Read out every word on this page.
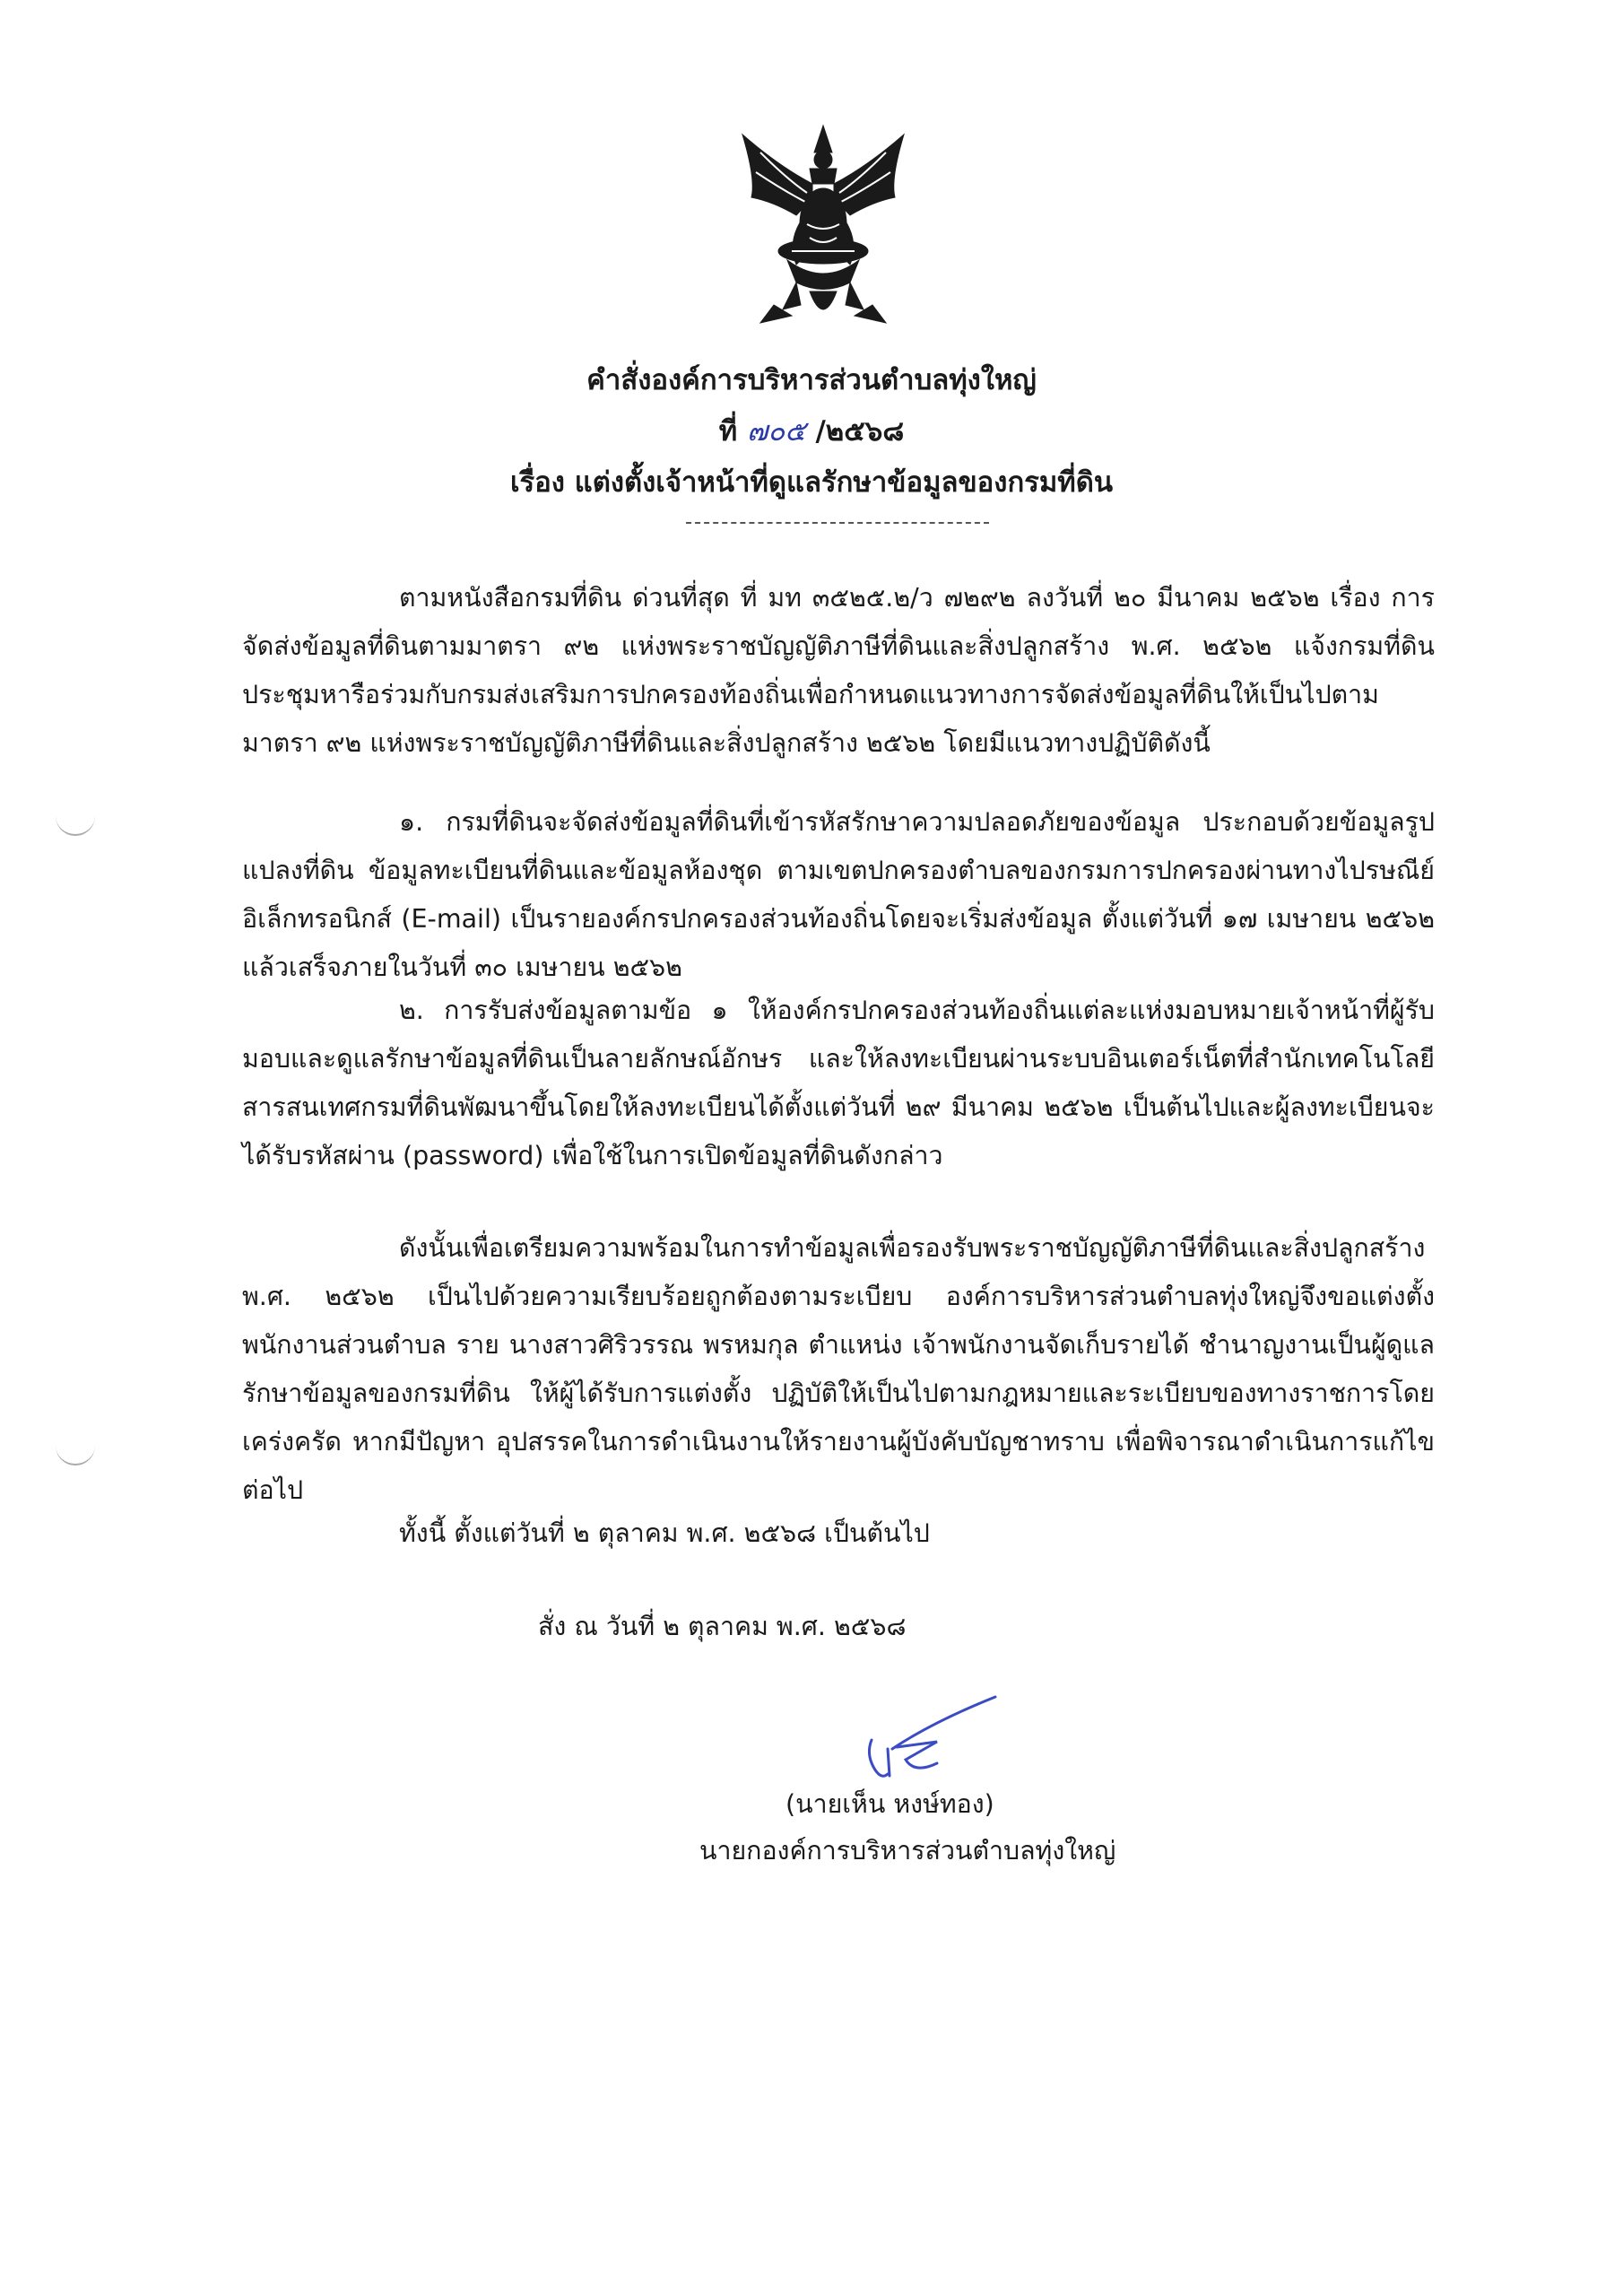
คำสั่งองค์การบริหารส่วนตำบลทุ่งใหญ่
ที่ ๗๐๕ /๒๕๖๘
เรื่อง แต่งตั้งเจ้าหน้าที่ดูแลรักษาข้อมูลของกรมที่ดิน
ตามหนังสือกรมที่ดิน ด่วนที่สุด ที่ มท ๓๕๒๕.๒/ว ๗๒๙๒ ลงวันที่ ๒๐ มีนาคม ๒๕๖๒ เรื่อง การจัดส่งข้อมูลที่ดินตามมาตรา ๙๒ แห่งพระราชบัญญัติภาษีที่ดินและสิ่งปลูกสร้าง พ.ศ. ๒๕๖๒ แจ้งกรมที่ดินประชุมหารือร่วมกับกรมส่งเสริมการปกครองท้องถิ่นเพื่อกำหนดแนวทางการจัดส่งข้อมูลที่ดินให้เป็นไปตามมาตรา ๙๒ แห่งพระราชบัญญัติภาษีที่ดินและสิ่งปลูกสร้าง ๒๕๖๒ โดยมีแนวทางปฏิบัติดังนี้
๑. กรมที่ดินจะจัดส่งข้อมูลที่ดินที่เข้ารหัสรักษาความปลอดภัยของข้อมูล ประกอบด้วยข้อมูลรูปแปลงที่ดิน ข้อมูลทะเบียนที่ดินและข้อมูลห้องชุด ตามเขตปกครองตำบลของกรมการปกครองผ่านทางไปรษณีย์อิเล็กทรอนิกส์ (E-mail) เป็นรายองค์กรปกครองส่วนท้องถิ่นโดยจะเริ่มส่งข้อมูล ตั้งแต่วันที่ ๑๗ เมษายน ๒๕๖๒ แล้วเสร็จภายในวันที่ ๓๐ เมษายน ๒๕๖๒
๒. การรับส่งข้อมูลตามข้อ ๑ ให้องค์กรปกครองส่วนท้องถิ่นแต่ละแห่งมอบหมายเจ้าหน้าที่ผู้รับมอบและดูแลรักษาข้อมูลที่ดินเป็นลายลักษณ์อักษร และให้ลงทะเบียนผ่านระบบอินเตอร์เน็ตที่สำนักเทคโนโลยีสารสนเทศกรมที่ดินพัฒนาขึ้นโดยให้ลงทะเบียนได้ตั้งแต่วันที่ ๒๙ มีนาคม ๒๕๖๒ เป็นต้นไปและผู้ลงทะเบียนจะได้รับรหัสผ่าน (password) เพื่อใช้ในการเปิดข้อมูลที่ดินดังกล่าว
ดังนั้นเพื่อเตรียมความพร้อมในการทำข้อมูลเพื่อรองรับพระราชบัญญัติภาษีที่ดินและสิ่งปลูกสร้าง พ.ศ. ๒๕๖๒ เป็นไปด้วยความเรียบร้อยถูกต้องตามระเบียบ องค์การบริหารส่วนตำบลทุ่งใหญ่จึงขอแต่งตั้งพนักงานส่วนตำบล ราย นางสาวศิริวรรณ พรหมกุล ตำแหน่ง เจ้าพนักงานจัดเก็บรายได้ ชำนาญงานเป็นผู้ดูแลรักษาข้อมูลของกรมที่ดิน ให้ผู้ได้รับการแต่งตั้ง ปฏิบัติให้เป็นไปตามกฎหมายและระเบียบของทางราชการโดยเคร่งครัด หากมีปัญหา อุปสรรคในการดำเนินงานให้รายงานผู้บังคับบัญชาทราบ เพื่อพิจารณาดำเนินการแก้ไขต่อไป
ทั้งนี้ ตั้งแต่วันที่ ๒ ตุลาคม พ.ศ. ๒๕๖๘ เป็นต้นไป
สั่ง ณ วันที่ ๒ ตุลาคม พ.ศ. ๒๕๖๘
(นายเห็น หงษ์ทอง)
นายกองค์การบริหารส่วนตำบลทุ่งใหญ่
